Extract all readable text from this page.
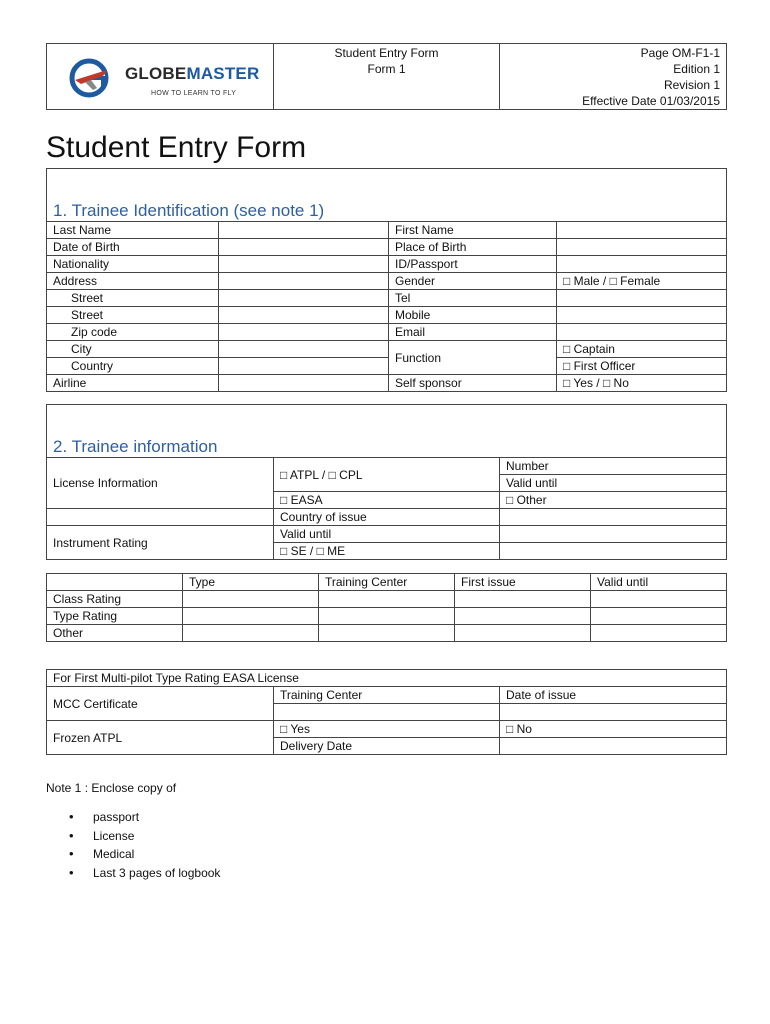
GLOBEMASTER
HOW TO LEARN TO FLY

Student Entry Form
Form 1

Page OM-F1-1
Edition 1
Revision 1
Effective Date 01/03/2015
Student Entry Form
1. Trainee Identification (see note 1)			
Last Name		First Name	
Date of Birth		Place of Birth	
Nationality		ID/Passport	
Address		Gender	□ Male / □ Female
Street		Tel	
Street		Mobile	
Zip code		Email	
City		Function	□ Captain
Country			□ First Officer
Airline		Self sponsor	□ Yes / □ No
2. Trainee information		
License Information	□ ATPL / □ CPL	Number
		Valid until
	□ EASA	□ Other
	Country of issue	
Instrument Rating	Valid until	
	□ SE / □ ME	
	Type	Training Center	First issue	Valid until
Class Rating				
Type Rating				
Other				
For First Multi-pilot Type Rating EASA License		
MCC Certificate	Training Center	Date of issue

Frozen ATPL	□ Yes	□ No
	Delivery Date	
Note 1 : Enclose copy of
• passport
• License
• Medical
• Last 3 pages of logbook
